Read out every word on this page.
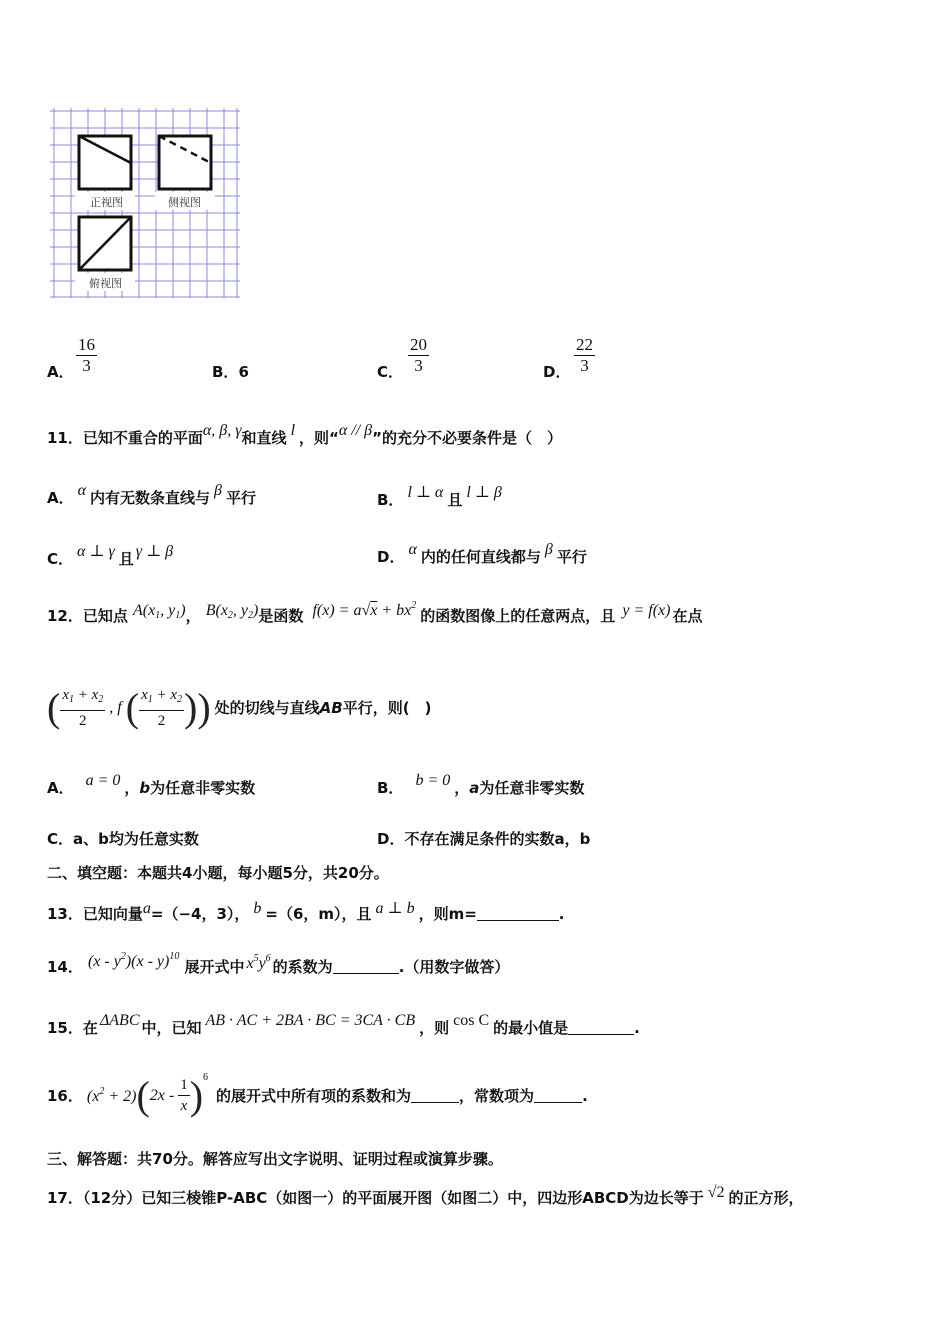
正视图	侧视图
俯视图
A． $\frac{16}{3}$	B．6	C． $\frac{20}{3}$	D． $\frac{22}{3}$
11．已知不重合的平面α, β, γ和直线 l ，则“α // β”的充分不必要条件是（　）
A． α 内有无数条直线与 β 平行	B． l ⊥ α 且 l ⊥ β
C． α ⊥ γ 且 γ ⊥ β	D． α 内的任何直线都与 β 平行
12．已知点 $A(x_1$, $y_1$)， $B(x_2$, $y_2$)是函数 $f(x) = a√x + bx^2$的函数图像上的任意两点，且 y = f(x) 在点
( $\frac{x_1 + x_2}{2}$ , f ( $\frac{x_1 + x_2}{2}$ )) 处的切线与直线 AB 平行，则(　)
A． a = 0 ，b为任意非零实数	B． b = 0 ，a为任意非零实数
C．a、b均为任意实数	D．不存在满足条件的实数a，b
二、填空题：本题共4小题，每小题5分，共20分。
13．已知向量a=（−4，3）， b =（6，m），且 a ⊥ b ，则m=	.
14． $(x - y^2)(x - y)^{10}$ 展开式中 $x^5y^6$ 的系数为	.（用数字做答）
15．在 ΔABC 中，已知 AB · AC + 2BA · BC = 3CA · CB ，则 cos C 的最小值是	.
16． $(x^2 + 2)$ ( $2x - \frac{1}{x}$ ) 6
的展开式中所有项的系数和为	，常数项为	.
三、解答题：共70分。解答应写出文字说明、证明过程或演算步骤。
17．（12分）已知三棱锥P-ABC（如图一）的平面展开图（如图二）中，四边形ABCD为边长等于 √2 的正方形，
